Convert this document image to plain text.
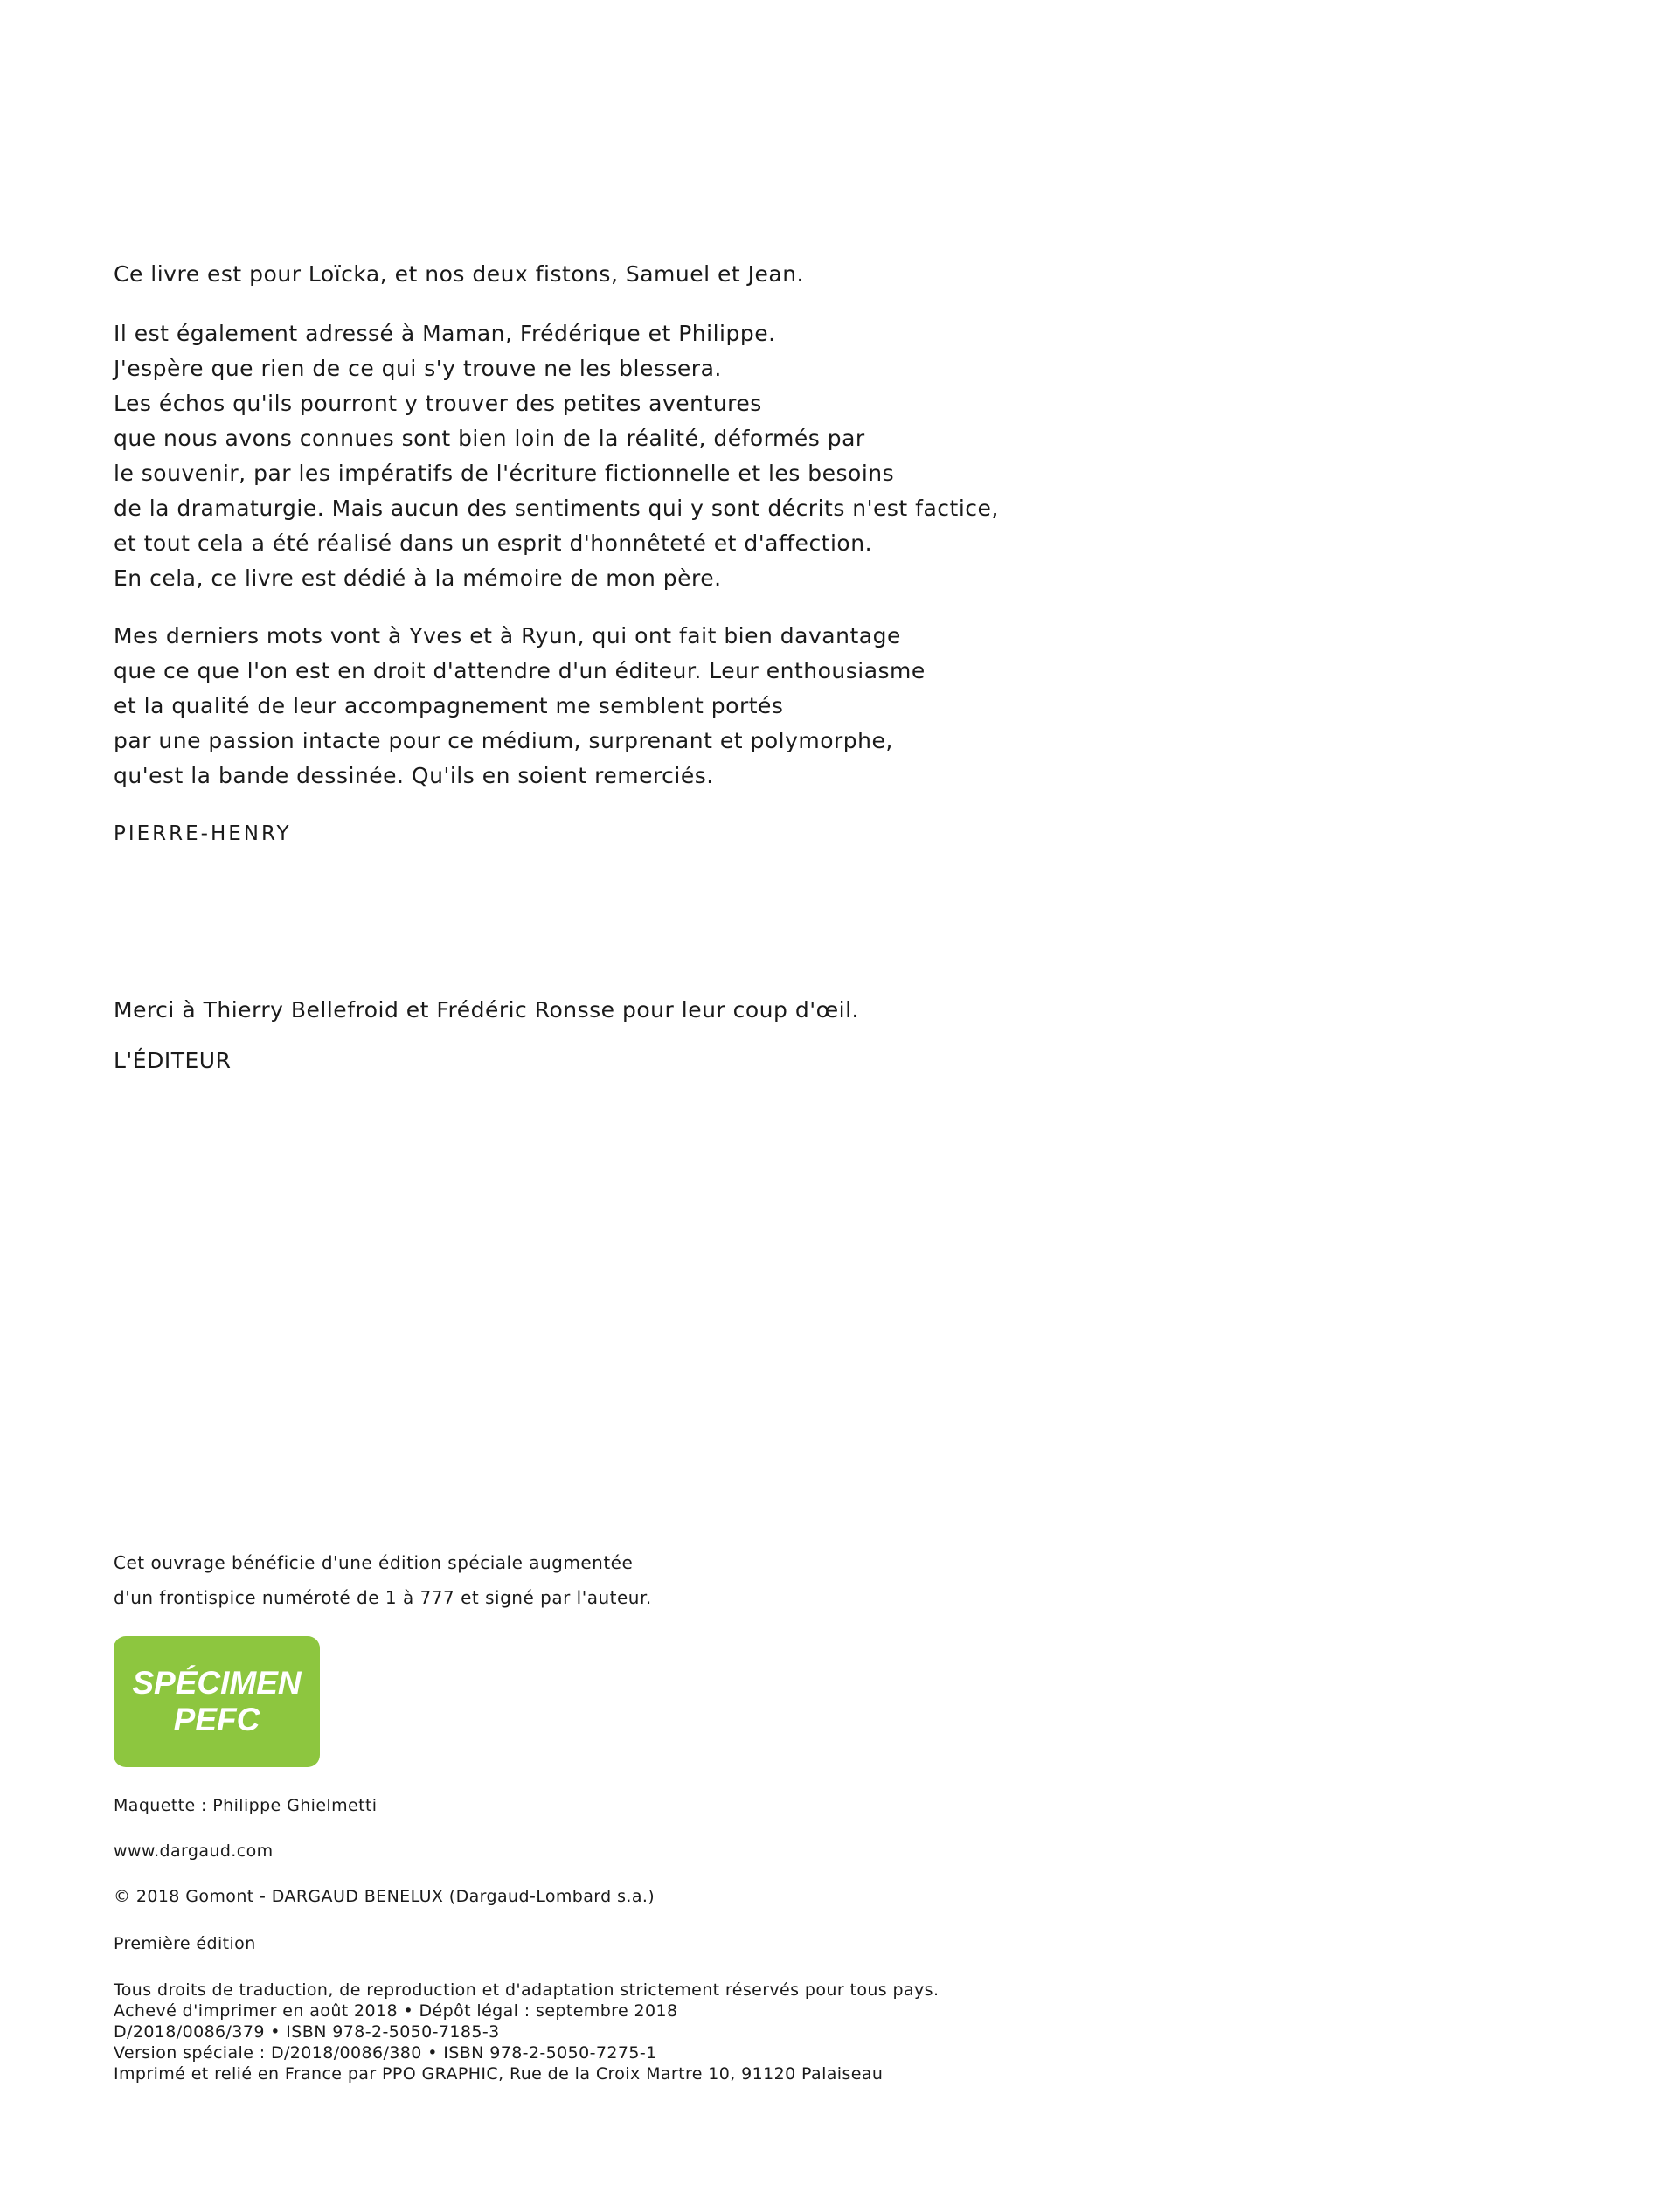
Ce livre est pour Loïcka, et nos deux fistons, Samuel et Jean.
Il est également adressé à Maman, Frédérique et Philippe.
J'espère que rien de ce qui s'y trouve ne les blessera.
Les échos qu'ils pourront y trouver des petites aventures
que nous avons connues sont bien loin de la réalité, déformés par
le souvenir, par les impératifs de l'écriture fictionnelle et les besoins
de la dramaturgie. Mais aucun des sentiments qui y sont décrits n'est factice,
et tout cela a été réalisé dans un esprit d'honnêteté et d'affection.
En cela, ce livre est dédié à la mémoire de mon père.
Mes derniers mots vont à Yves et à Ryun, qui ont fait bien davantage
que ce que l'on est en droit d'attendre d'un éditeur. Leur enthousiasme
et la qualité de leur accompagnement me semblent portés
par une passion intacte pour ce médium, surprenant et polymorphe,
qu'est la bande dessinée. Qu'ils en soient remerciés.
PIERRE-HENRY
Merci à Thierry Bellefroid et Frédéric Ronsse pour leur coup d'œil.
L'ÉDITEUR
Cet ouvrage bénéficie d'une édition spéciale augmentée
d'un frontispice numéroté de 1 à 777 et signé par l'auteur.
SPÉCIMEN
PEFC
Maquette : Philippe Ghielmetti
www.dargaud.com
© 2018 Gomont - DARGAUD BENELUX (Dargaud-Lombard s.a.)
Première édition
Tous droits de traduction, de reproduction et d'adaptation strictement réservés pour tous pays.
Achevé d'imprimer en août 2018 • Dépôt légal : septembre 2018
D/2018/0086/379 • ISBN 978-2-5050-7185-3
Version spéciale : D/2018/0086/380 • ISBN 978-2-5050-7275-1
Imprimé et relié en France par PPO GRAPHIC, Rue de la Croix Martre 10, 91120 Palaiseau
